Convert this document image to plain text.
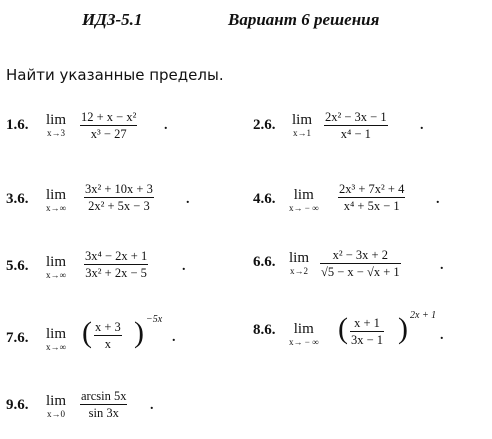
ИДЗ-5.1	Вариант 6 решения
Найти указанные пределы.
1.6. lim
x→3
12 + x − x²
x³ − 27
.	2.6. lim
x→1
2x² − 3x − 1
x⁴ − 1
.
3.6. lim
x→∞
3x² + 10x + 3
2x² + 5x − 3	.	4.6.	lim
x→ − ∞
2x³ + 7x² + 4
x⁴ + 5x − 1	.
5.6. lim
x→∞
3x⁴ − 2x + 1
3x² + 2x − 5	.	6.6. lim
x→2
x² − 3x + 2
√5 − x − √x + 1	.
7.6. lim
x→∞ ( x + 3
x ) −5x
.	8.6.	lim
x→ − ∞ ( x + 1
3x − 1 ) 2x + 1
.
9.6. lim
x→0
arcsin 5x
sin 3x .
